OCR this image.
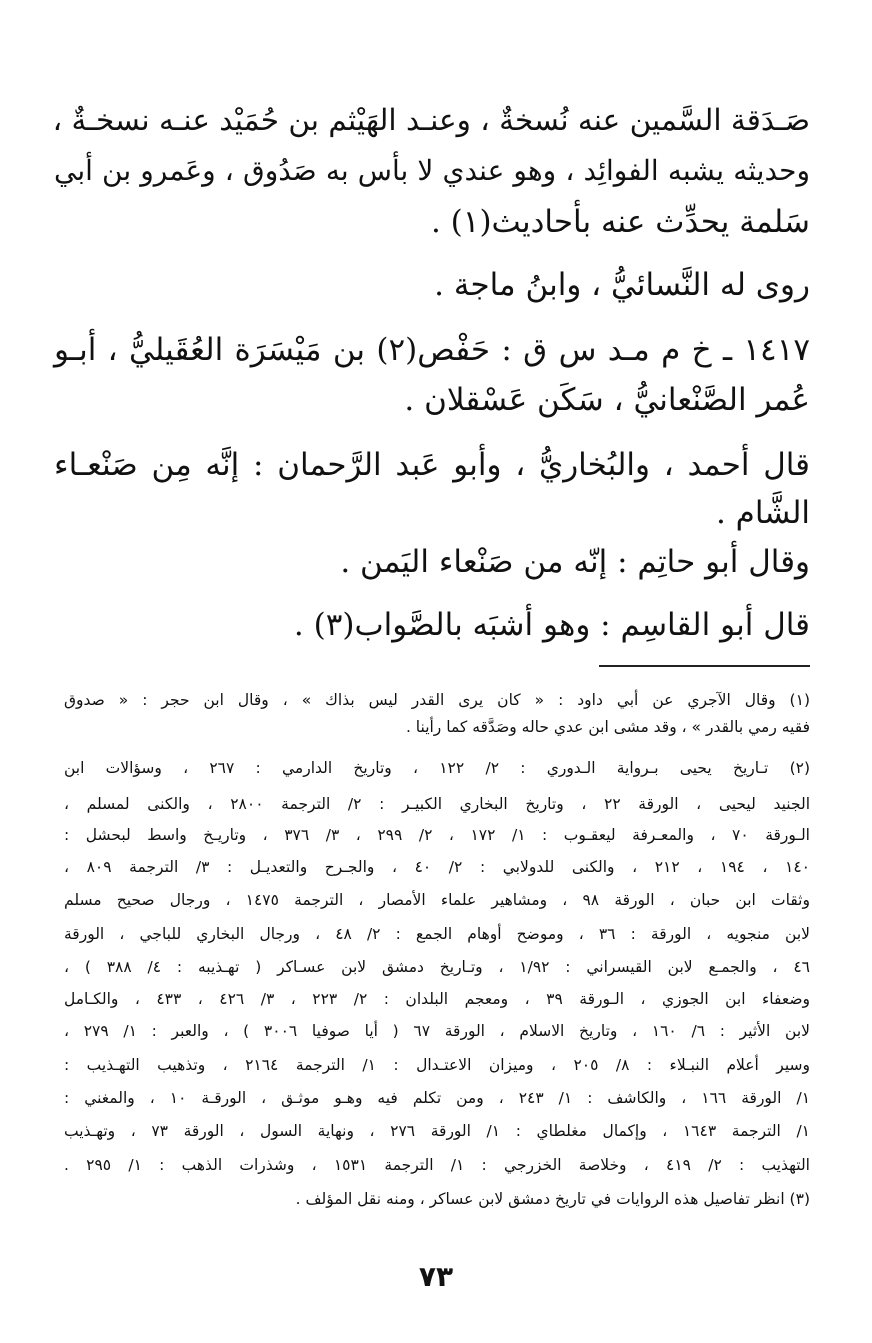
صَـدَقة السَّمين عنه نُسخةٌ ، وعنـد الهَيْثم بن حُمَيْد عنـه نسخـةٌ ،

وحديثه يشبه الفوائِد ، وهو عندي لا بأس به صَدُوق ، وعَمرو بن أبي

سَلمة يحدِّث عنه بأحاديث(١) .

روى له النَّسائيُّ ، وابنُ ماجة .

١٤١٧ ـ خ م مـد س ق : حَفْص(٢) بن مَيْسَرَة العُقَيليُّ ، أبـو

عُمر الصَّنْعانيُّ ، سَكَن عَسْقلان .

قال أحمد ، والبُخاريُّ ، وأبو عَبد الرَّحمان : إنَّه مِن صَنْعـاء

الشَّام .

وقال أبو حاتِم : إنّه من صَنْعاء اليَمن .

قال أبو القاسِم : وهو أشبَه بالصَّواب(٣) .

(١) وقال الآجري عن أبي داود : « كان يرى القدر ليس بذاك » ، وقال ابن حجر : « صدوق

فقيه رمي بالقدر » ، وقد مشى ابن عدي حاله وصَدَّقه كما رأينا .

(٢) تـاريخ يحيى بـرواية الـدوري : ٢/ ١٢٢ ، وتاريخ الدارمي : ٢٦٧ ، وسؤالات ابن

الجنيد ليحيى ، الورقة ٢٢ ، وتاريخ البخاري الكبيـر : ٢/ الترجمة ٢٨٠٠ ، والكنى لمسلم ،

الـورقة ٧٠ ، والمعـرفة ليعقـوب : ١/ ١٧٢ ، ٢/ ٢٩٩ ، ٣/ ٣٧٦ ، وتاريـخ واسط لبحشل :

١٤٠ ، ١٩٤ ، ٢١٢ ، والكنى للدولابي : ٢/ ٤٠ ، والجـرح والتعديـل : ٣/ الترجمة ٨٠٩ ،

وثقات ابن حبان ، الورقة ٩٨ ، ومشاهير علماء الأمصار ، الترجمة ١٤٧٥ ، ورجال صحيح مسلم

لابن منجويه ، الورقة : ٣٦ ، وموضح أوهام الجمع : ٢/ ٤٨ ، ورجال البخاري للباجي ، الورقة

٤٦ ، والجمـع لابن القيسراني : ١/٩٢ ، وتـاريخ دمشق لابن عسـاكر ( تهـذيبه : ٤/ ٣٨٨ ) ،

وضعفاء ابن الجوزي ، الـورقة ٣٩ ، ومعجم البلدان : ٢/ ٢٢٣ ، ٣/ ٤٢٦ ، ٤٣٣ ، والكـامل

لابن الأثير : ٦/ ١٦٠ ، وتاريخ الاسلام ، الورقة ٦٧ ( أيا صوفيا ٣٠٠٦ ) ، والعبر : ١/ ٢٧٩ ،

وسير أعلام النبـلاء : ٨/ ٢٠٥ ، وميزان الاعتـدال : ١/ الترجمة ٢١٦٤ ، وتذهيب التهـذيب :

١/ الورقة ١٦٦ ، والكاشف : ١/ ٢٤٣ ، ومن تكلم فيه وهـو موثـق ، الورقـة ١٠ ، والمغني :

١/ الترجمة ١٦٤٣ ، وإكمال مغلطاي : ١/ الورقة ٢٧٦ ، ونهاية السول ، الورقة ٧٣ ، وتهـذيب

التهذيب : ٢/ ٤١٩ ، وخلاصة الخزرجي : ١/ الترجمة ١٥٣١ ، وشذرات الذهب : ١/ ٢٩٥ .

(٣) انظر تفاصيل هذه الروايات في تاريخ دمشق لابن عساكر ، ومنه نقل المؤلف .

٧٣
